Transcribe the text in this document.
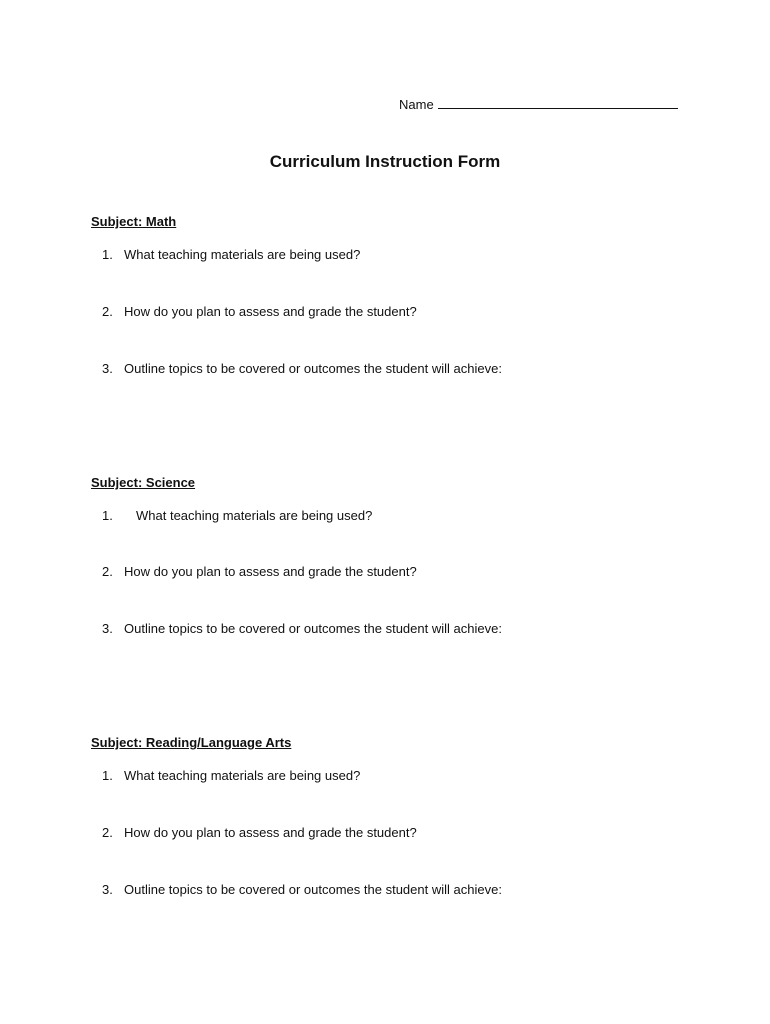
Name
Curriculum Instruction Form
Subject: Math
1. What teaching materials are being used?
2. How do you plan to assess and grade the student?
3. Outline topics to be covered or outcomes the student will achieve:
Subject: Science
1. What teaching materials are being used?
2. How do you plan to assess and grade the student?
3. Outline topics to be covered or outcomes the student will achieve:
Subject: Reading/Language Arts
1. What teaching materials are being used?
2. How do you plan to assess and grade the student?
3. Outline topics to be covered or outcomes the student will achieve:
